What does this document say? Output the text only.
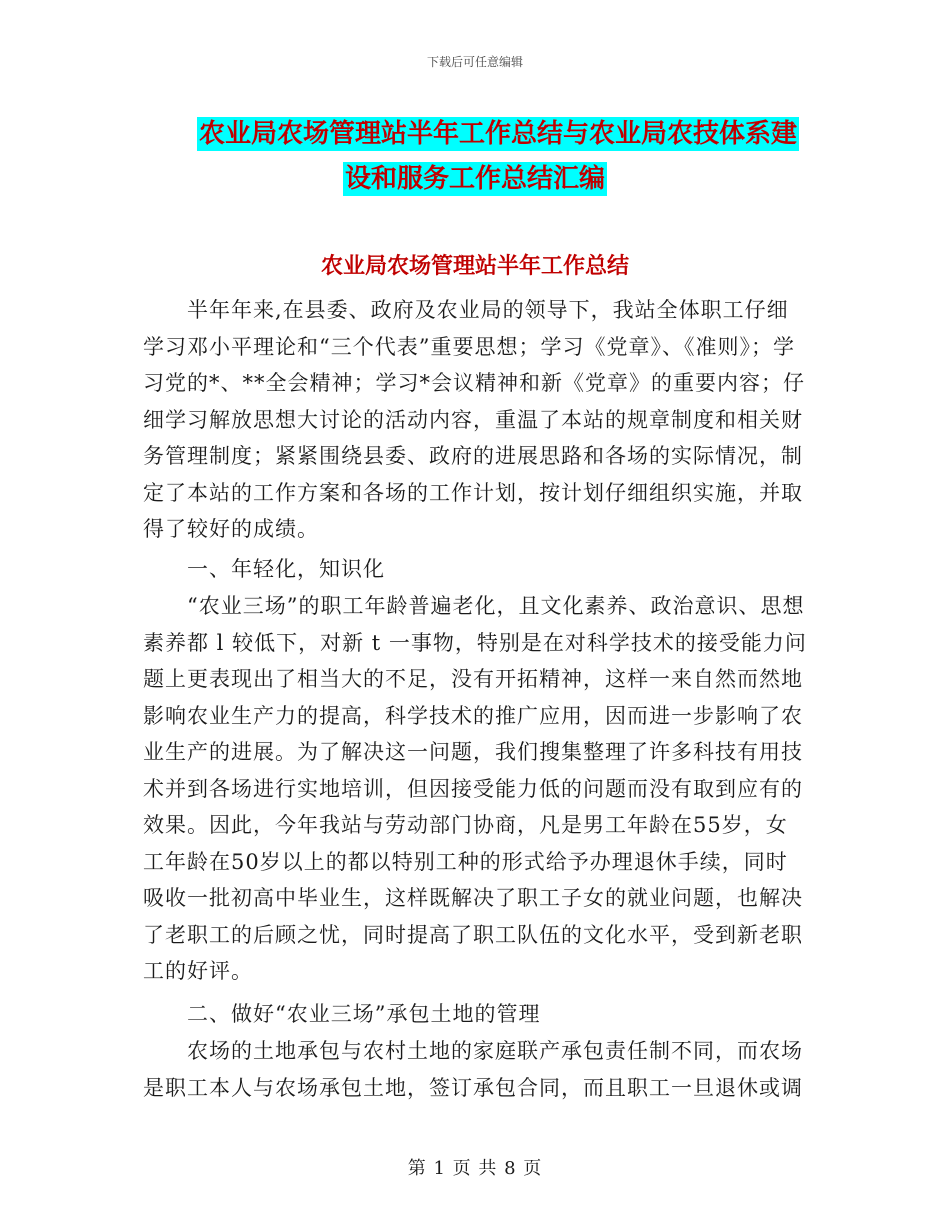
下载后可任意编辑
农业局农场管理站半年工作总结与农业局农技体系建
设和服务工作总结汇编
农业局农场管理站半年工作总结
　　半年年来,在县委、政府及农业局的领导下，我站全体职工仔细学习邓小平理论和“三个代表”重要思想；学习《党章》、《准则》；学习党的*、**全会精神；学习*会议精神和新《党章》的重要内容；仔细学习解放思想大讨论的活动内容，重温了本站的规章制度和相关财务管理制度；紧紧围绕县委、政府的进展思路和各场的实际情况，制定了本站的工作方案和各场的工作计划，按计划仔细组织实施，并取得了较好的成绩。
　　一、年轻化，知识化
　　“农业三场”的职工年龄普遍老化，且文化素养、政治意识、思想素养都 l 较低下，对新 t 一事物，特别是在对科学技术的接受能力问题上更表现出了相当大的不足，没有开拓精神，这样一来自然而然地影响农业生产力的提高，科学技术的推广应用，因而进一步影响了农业生产的进展。为了解决这一问题，我们搜集整理了许多科技有用技术并到各场进行实地培训，但因接受能力低的问题而没有取到应有的效果。因此，今年我站与劳动部门协商，凡是男工年龄在55岁，女工年龄在50岁以上的都以特别工种的形式给予办理退休手续，同时吸收一批初高中毕业生，这样既解决了职工子女的就业问题，也解决了老职工的后顾之忧，同时提高了职工队伍的文化水平，受到新老职工的好评。
　　二、做好“农业三场”承包土地的管理
　　农场的土地承包与农村土地的家庭联产承包责任制不同，而农场是职工本人与农场承包土地，签订承包合同，而且职工一旦退休或调
第 1 页 共 8 页
